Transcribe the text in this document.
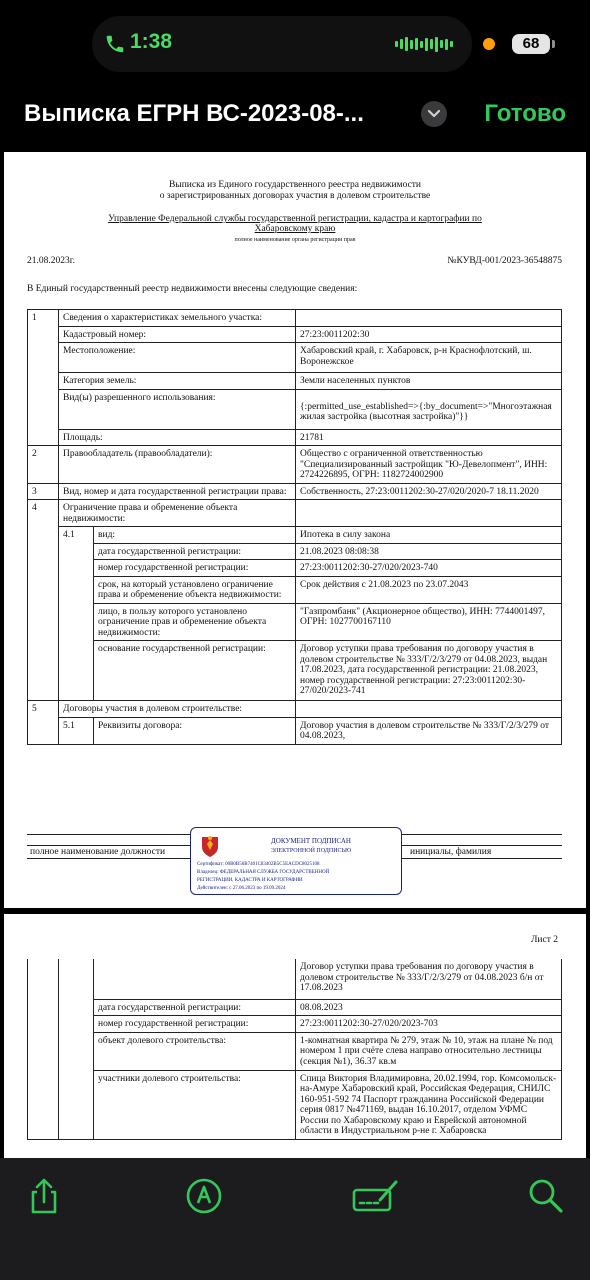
1:38	68
Выписка ЕГРН ВС-2023-08-...	Готово
Выписка из Единого государственного реестра недвижимости
о зарегистрированных договорах участия в долевом строительстве
Управление Федеральной службы государственной регистрации, кадастра и картографии по
Хабаровскому краю
полное наименование органа регистрации прав
21.08.2023г.	№КУВД-001/2023-36548875
В Единый государственный реестр недвижимости внесены следующие сведения:
1	Сведения о характеристиках земельного участка:		
	Кадастровый номер:		27:23:0011202:30
	Местоположение:		Хабаровский край, г. Хабаровск, р-н Краснофлотский, ш. Воронежское
	Категория земель:		Земли населенных пунктов
	Вид(ы) разрешенного использования:		{:permitted_use_established=>{:by_document=>"Многоэтажная жилая застройка (высотная застройка)"}}
	Площадь:		21781
2	Правообладатель (правообладатели):		Общество с ограниченной ответственностью "Специализированный застройщик "Ю-Девелопмент", ИНН: 2724226895, ОГРН: 1182724002900
3	Вид, номер и дата государственной регистрации права:		Собственность, 27:23:0011202:30-27/020/2020-7 18.11.2020
4	Ограничение права и обременение объекта недвижимости:		
	4.1	вид:	Ипотека в силу закона
		дата государственной регистрации:	21.08.2023 08:08:38
		номер государственной регистрации:	27:23:0011202:30-27/020/2023-740
		срок, на который установлено ограничение права и обременение объекта недвижимости:	Срок действия с 21.08.2023 по 23.07.2043
		лицо, в пользу которого установлено ограничение прав и обременение объекта недвижимости:	"Газпромбанк" (Акционерное общество), ИНН: 7744001497, ОГРН: 1027700167110
		основание государственной регистрации:	Договор уступки права требования по договору участия в долевом строительстве № 333/Г/2/3/279 от 04.08.2023, выдан 17.08.2023, дата государственной регистрации: 21.08.2023, номер государственной регистрации: 27:23:0011202:30-27/020/2023-741
5	Договоры участия в долевом строительстве:		
	5.1	Реквизиты договора:	Договор участия в долевом строительстве № 333/Г/2/3/279 от 04.08.2023,

полное наименование должности		инициалы, фамилия
ДОКУМЕНТ ПОДПИСАН
ЭЛЕКТРОННОЙ ПОДПИСЬЮ
Сертификат: 00B0B56B7401C83402B5C5EACDC8025108
Владелец: ФЕДЕРАЛЬНАЯ СЛУЖБА ГОСУДАРСТВЕННОЙ
РЕГИСТРАЦИИ, КАДАСТРА И КАРТОГРАФИИ
Действителен: с 27.06.2023 по 19.09.2024

Лист 2
			Договор уступки права требования по договору участия в долевом строительстве № 333/Г/2/3/279 от 04.08.2023 б/н от 17.08.2023
		дата государственной регистрации:	08.08.2023
		номер государственной регистрации:	27:23:0011202:30-27/020/2023-703
		объект долевого строительства:	1-комнатная квартира № 279, этаж № 10, этаж на плане № под номером 1 при счёте слева направо относительно лестницы (секция №1), 36.37 кв.м
		участники долевого строительства:	Спица Виктория Владимировна, 20.02.1994, гор. Комсомольск-на-Амуре Хабаровский край, Российская Федерация, СНИЛС 160-951-592 74 Паспорт гражданина Российской Федерации серия 0817 №471169, выдан 16.10.2017, отделом УФМС России по Хабаровскому краю и Еврейской автономной области в Индустриальном р-не г. Хабаровска
